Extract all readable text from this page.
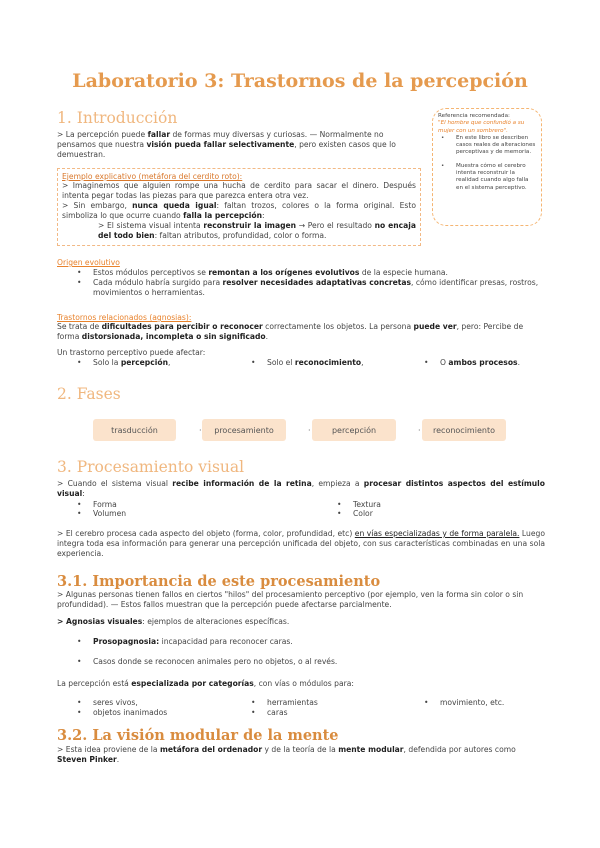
Laboratorio 3: Trastornos de la percepción
Referencia recomendada:
"El hombre que confundió a su mujer con un sombrero".
• En este libro se describen casos reales de alteraciones perceptivas y de memoria.
• Muestra cómo el cerebro intenta reconstruir la realidad cuando algo falla en el sistema perceptivo.
1. Introducción
> La percepción puede fallar de formas muy diversas y curiosas. — Normalmente no pensamos que nuestra visión pueda fallar selectivamente, pero existen casos que lo demuestran.
Ejemplo explicativo (metáfora del cerdito roto):
> Imaginemos que alguien rompe una hucha de cerdito para sacar el dinero. Después intenta pegar todas las piezas para que parezca entera otra vez.
> Sin embargo, nunca queda igual: faltan trozos, colores o la forma original. Esto simboliza lo que ocurre cuando falla la percepción:
> El sistema visual intenta reconstruir la imagen → Pero el resultado no encaja del todo bien: faltan atributos, profundidad, color o forma.
Origen evolutivo
• Estos módulos perceptivos se remontan a los orígenes evolutivos de la especie humana.
• Cada módulo habría surgido para resolver necesidades adaptativas concretas, cómo identificar presas, rostros, movimientos o herramientas.
Trastornos relacionados (agnosias):
Se trata de dificultades para percibir o reconocer correctamente los objetos. La persona puede ver, pero: Percibe de forma distorsionada, incompleta o sin significado.
Un trastorno perceptivo puede afectar:
• Solo la percepción,	• Solo el reconocimiento,	• O ambos procesos.
2. Fases
trasducción	·	procesamiento	·	percepción	·	reconocimiento
3. Procesamiento visual
> Cuando el sistema visual recibe información de la retina, empieza a procesar distintos aspectos del estímulo visual:
• Forma
• Volumen
• Textura
• Color
> El cerebro procesa cada aspecto del objeto (forma, color, profundidad, etc) en vías especializadas y de forma paralela. Luego integra toda esa información para generar una percepción unificada del objeto, con sus características combinadas en una sola experiencia.
3.1. Importancia de este procesamiento
> Algunas personas tienen fallos en ciertos "hilos" del procesamiento perceptivo (por ejemplo, ven la forma sin color o sin profundidad). — Estos fallos muestran que la percepción puede afectarse parcialmente.
> Agnosias visuales: ejemplos de alteraciones específicas.
• Prosopagnosia: incapacidad para reconocer caras.
• Casos donde se reconocen animales pero no objetos, o al revés.
La percepción está especializada por categorías, con vías o módulos para:
• seres vivos,
• objetos inanimados
• herramientas
• caras
• movimiento, etc.
3.2. La visión modular de la mente
> Esta idea proviene de la metáfora del ordenador y de la teoría de la mente modular, defendida por autores como Steven Pinker.
